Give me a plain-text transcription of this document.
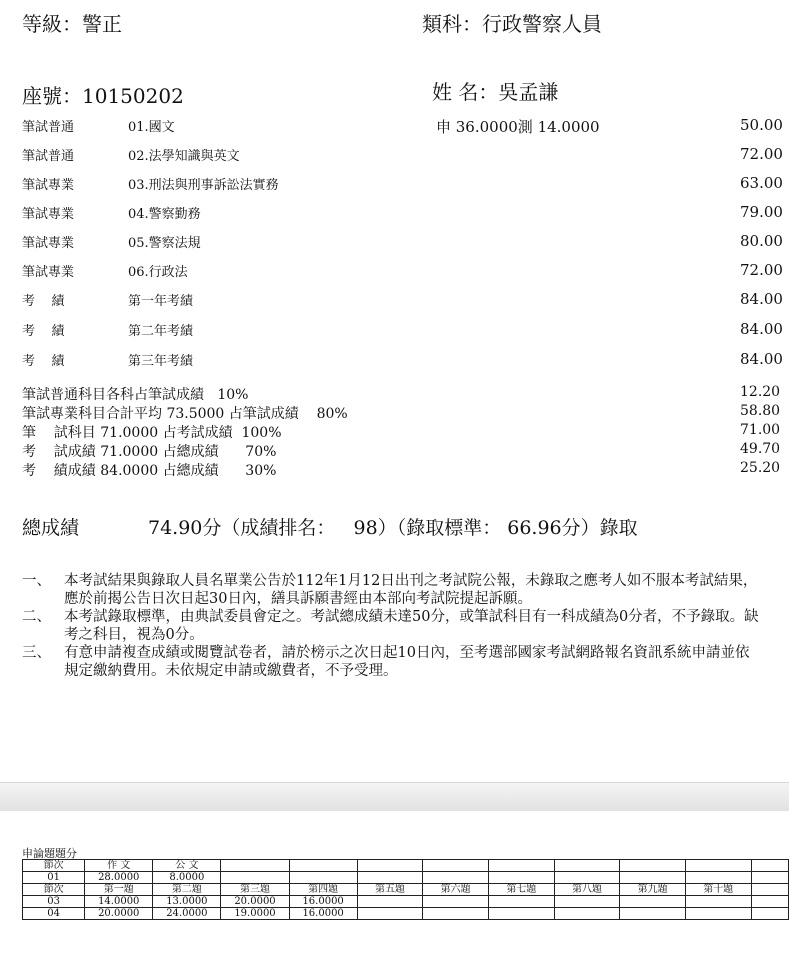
等級：警正	類科：行政警察人員
座號：10150202	姓 名：吳孟謙
筆試普通	01.國文	申 36.0000測 14.0000	50.00
筆試普通	02.法學知識與英文	72.00
筆試專業	03.刑法與刑事訴訟法實務	63.00
筆試專業	04.警察勤務	79.00
筆試專業	05.警察法規	80.00
筆試專業	06.行政法	72.00
考    績	第一年考績	84.00
考    績	第二年考績	84.00
考    績	第三年考績	84.00
筆試普通科目各科占筆試成績   10%	12.20
筆試專業科目合計平均 73.5000 占筆試成績    80%	58.80
筆    試科目 71.0000 占考試成績  100%	71.00
考    試成績 71.0000 占總成績      70%	49.70
考    績成績 84.0000 占總成績      30%	25.20
總成績	74.90分（成績排名：   98）（錄取標準： 66.96分）錄取
一、 本考試結果與錄取人員名單業公告於112年1月12日出刊之考試院公報，未錄取之應考人如不服本考試結果，應於前揭公告日次日起30日內，繕具訴願書經由本部向考試院提起訴願。
二、 本考試錄取標準，由典試委員會定之。考試總成績未達50分，或筆試科目有一科成績為0分者，不予錄取。缺考之科目，視為0分。
三、 有意申請複查成績或閱覽試卷者，請於榜示之次日起10日內，至考選部國家考試網路報名資訊系統申請並依規定繳納費用。未依規定申請或繳費者，不予受理。
申論題題分
節次	作 文	公 文									
01	28.0000	8.0000									
節次	第一題	第二題	第三題	第四題	第五題	第六題	第七題	第八題	第九題	第十題	
03	14.0000	13.0000	20.0000	16.0000							
04	20.0000	24.0000	19.0000	16.0000							
